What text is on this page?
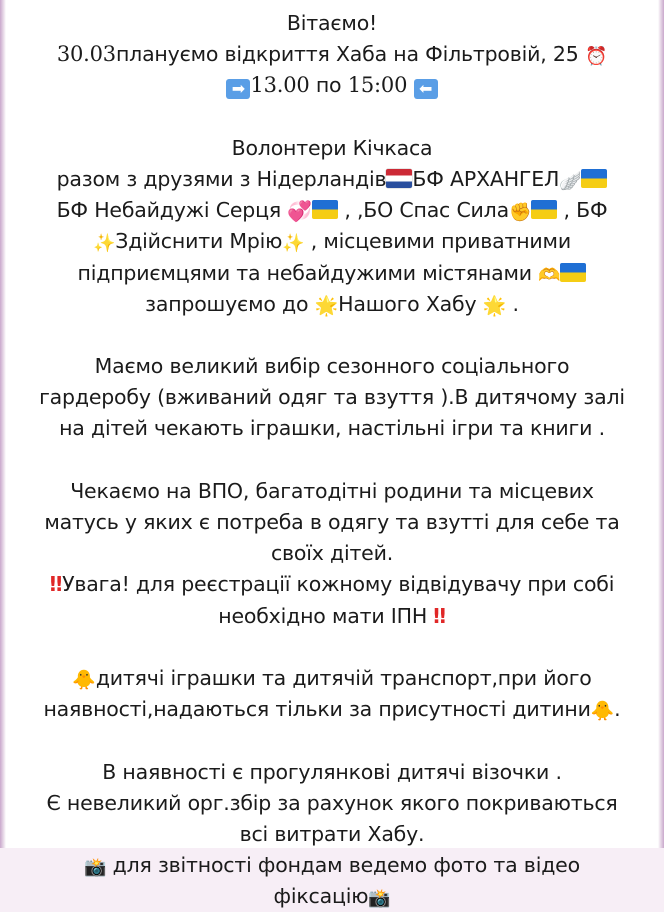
Вітаємо!
30.03плануємо відкриття Хаба на Фільтровій, 25 ⏰
➡ 13.00 по 15:00 ⬅
Волонтери Кічкаса
разом з друзями з Нідерландів БФ АРХАНГЕЛ🪽
БФ Небайдужі Серця 💞 , ,БО Спас Сила✊ , БФ
✨Здійснити Мрію✨ , місцевими приватними
підприємцями та небайдужими містянами 🫶
запрошуємо до 🌟Нашого Хабу 🌟 .
Маємо великий вибір сезонного соціального
гардеробу (вживаний одяг та взуття ).В дитячому залі
на дітей чекають іграшки, настільні ігри та книги .
Чекаємо на ВПО, багатодітні родини та місцевих
матусь у яких є потреба в одягу та взутті для себе та
своїх дітей.
‼Увага! для реєстрації кожному відвідувачу при собі
необхідно мати ІПН ‼
🐥дитячі іграшки та дитячій транспорт,при його
наявності,надаються тільки за присутності дитини🐥.
В наявності є прогулянкові дитячі візочки .
Є невеликий орг.збір за рахунок якого покриваються
всі витрати Хабу.
📸 для звітності фондам ведемо фото та відео
фіксацію📸
